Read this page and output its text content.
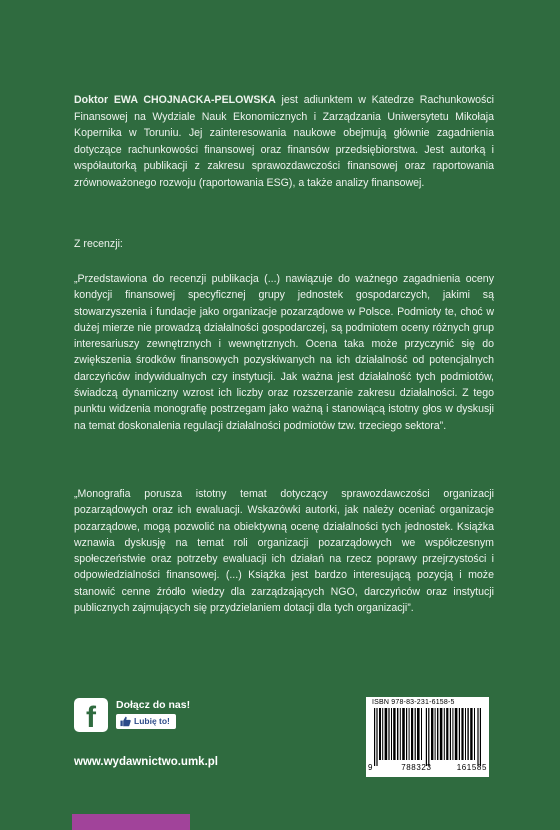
Doktor EWA CHOJNACKA-PELOWSKA jest adiunktem w Katedrze Rachunkowości Finansowej na Wydziale Nauk Ekonomicznych i Zarządzania Uniwersytetu Mikołaja Kopernika w Toruniu. Jej zainteresowania naukowe obejmują głównie zagadnienia dotyczące rachunkowości finansowej oraz finansów przedsiębiorstwa. Jest autorką i współautorką publikacji z zakresu sprawozdawczości finansowej oraz raportowania zrównoważonego rozwoju (raportowania ESG), a także analizy finansowej.
Z recenzji:
„Przedstawiona do recenzji publikacja (...) nawiązuje do ważnego zagadnienia oceny kondycji finansowej specyficznej grupy jednostek gospodarczych, jakimi są stowarzyszenia i fundacje jako organizacje pozarządowe w Polsce. Podmioty te, choć w dużej mierze nie prowadzą działalności gospodarczej, są podmiotem oceny różnych grup interesariuszy zewnętrznych i wewnętrznych. Ocena taka może przyczynić się do zwiększenia środków finansowych pozyskiwanych na ich działalność od potencjalnych darczyńców indywidualnych czy instytucji. Jak ważna jest działalność tych podmiotów, świadczą dynamiczny wzrost ich liczby oraz rozszerzanie zakresu działalności. Z tego punktu widzenia monografię postrzegam jako ważną i stanowiącą istotny głos w dyskusji na temat doskonalenia regulacji działalności podmiotów tzw. trzeciego sektora”.
„Monografia porusza istotny temat dotyczący sprawozdawczości organizacji pozarządowych oraz ich ewaluacji. Wskazówki autorki, jak należy oceniać organizacje pozarządowe, mogą pozwolić na obiektywną ocenę działalności tych jednostek. Książka wznawia dyskusję na temat roli organizacji pozarządowych we współczesnym społeczeństwie oraz potrzeby ewaluacji ich działań na rzecz poprawy przejrzystości i odpowiedzialności finansowej. (...) Książka jest bardzo interesującą pozycją i może stanowić cenne źródło wiedzy dla zarządzających NGO, darczyńców oraz instytucji publicznych zajmujących się przydzielaniem dotacji dla tych organizacji”.
f	Dołącz do nas!
Lubię to!
www.wydawnictwo.umk.pl
ISBN 978-83-231-6158-5
9	788323	161585
